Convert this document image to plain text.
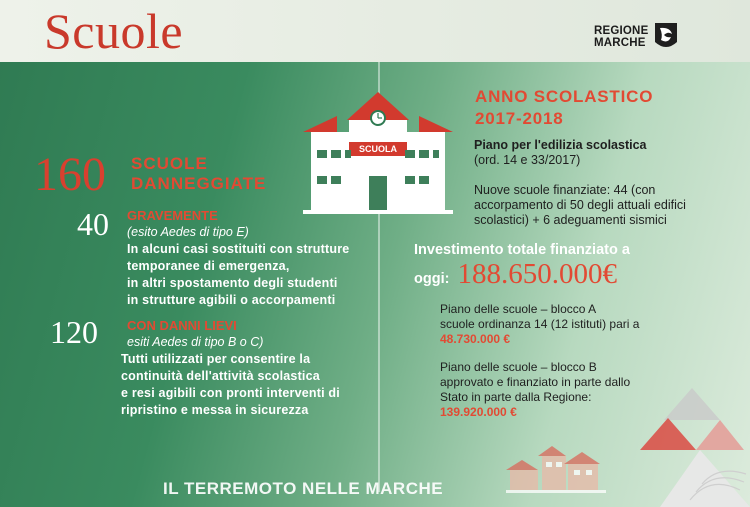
Scuole	REGIONE
MARCHE
SCUOLA
160 SCUOLE
DANNEGGIATE
40 GRAVEMENTE
(esito Aedes di tipo E)
In alcuni casi sostituiti con strutture
temporanee di emergenza,
in altri spostamento degli studenti
in strutture agibili o accorpamenti
120 CON DANNI LIEVI
esiti Aedes di tipo B o C)
Tutti utilizzati per consentire la
continuità dell'attività scolastica
e resi agibili con pronti interventi di
ripristino e messa in sicurezza
ANNO SCOLASTICO
2017-2018
Piano per l'edilizia scolastica
(ord. 14 e 33/2017)
Nuove scuole finanziate: 44 (con
accorpamento di 50 degli attuali edifici
scolastici) + 6 adeguamenti sismici
Investimento totale finanziato a
oggi: 188.650.000€
Piano delle scuole – blocco A
scuole ordinanza 14 (12 istituti) pari a
48.730.000 €
Piano delle scuole – blocco B
approvato e finanziato in parte dallo
Stato in parte dalla Regione:
139.920.000 €
IL TERREMOTO NELLE MARCHE
